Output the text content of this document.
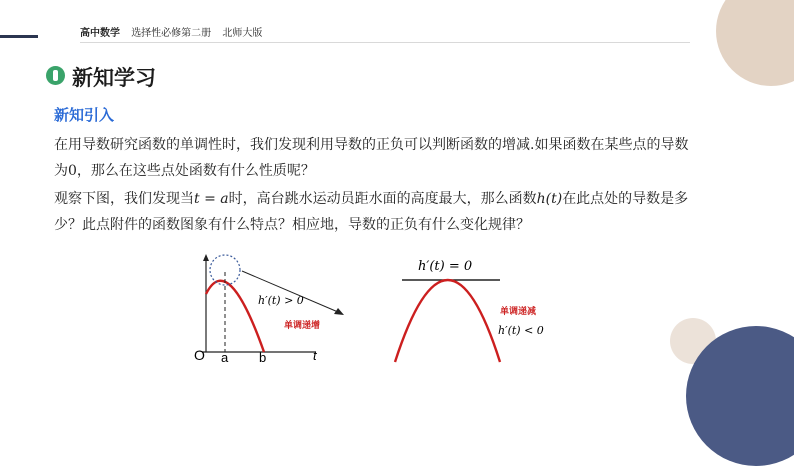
高中数学 选择性必修第二册 北师大版
新知学习
新知引入
在用导数研究函数的单调性时，我们发现利用导数的正负可以判断函数的增减.如果函数在某些点的导数
为0，那么在这些点处函数有什么性质呢？
观察下图，我们发现当t = a时，高台跳水运动员距水面的高度最大，那么函数h(t)在此点处的导数是多
少？此点附件的函数图象有什么特点？相应地，导数的正负有什么变化规律？
O a b	t
h′(t) > 0
单调递增
h′(t) = 0
单调递减
h′(t) < 0
